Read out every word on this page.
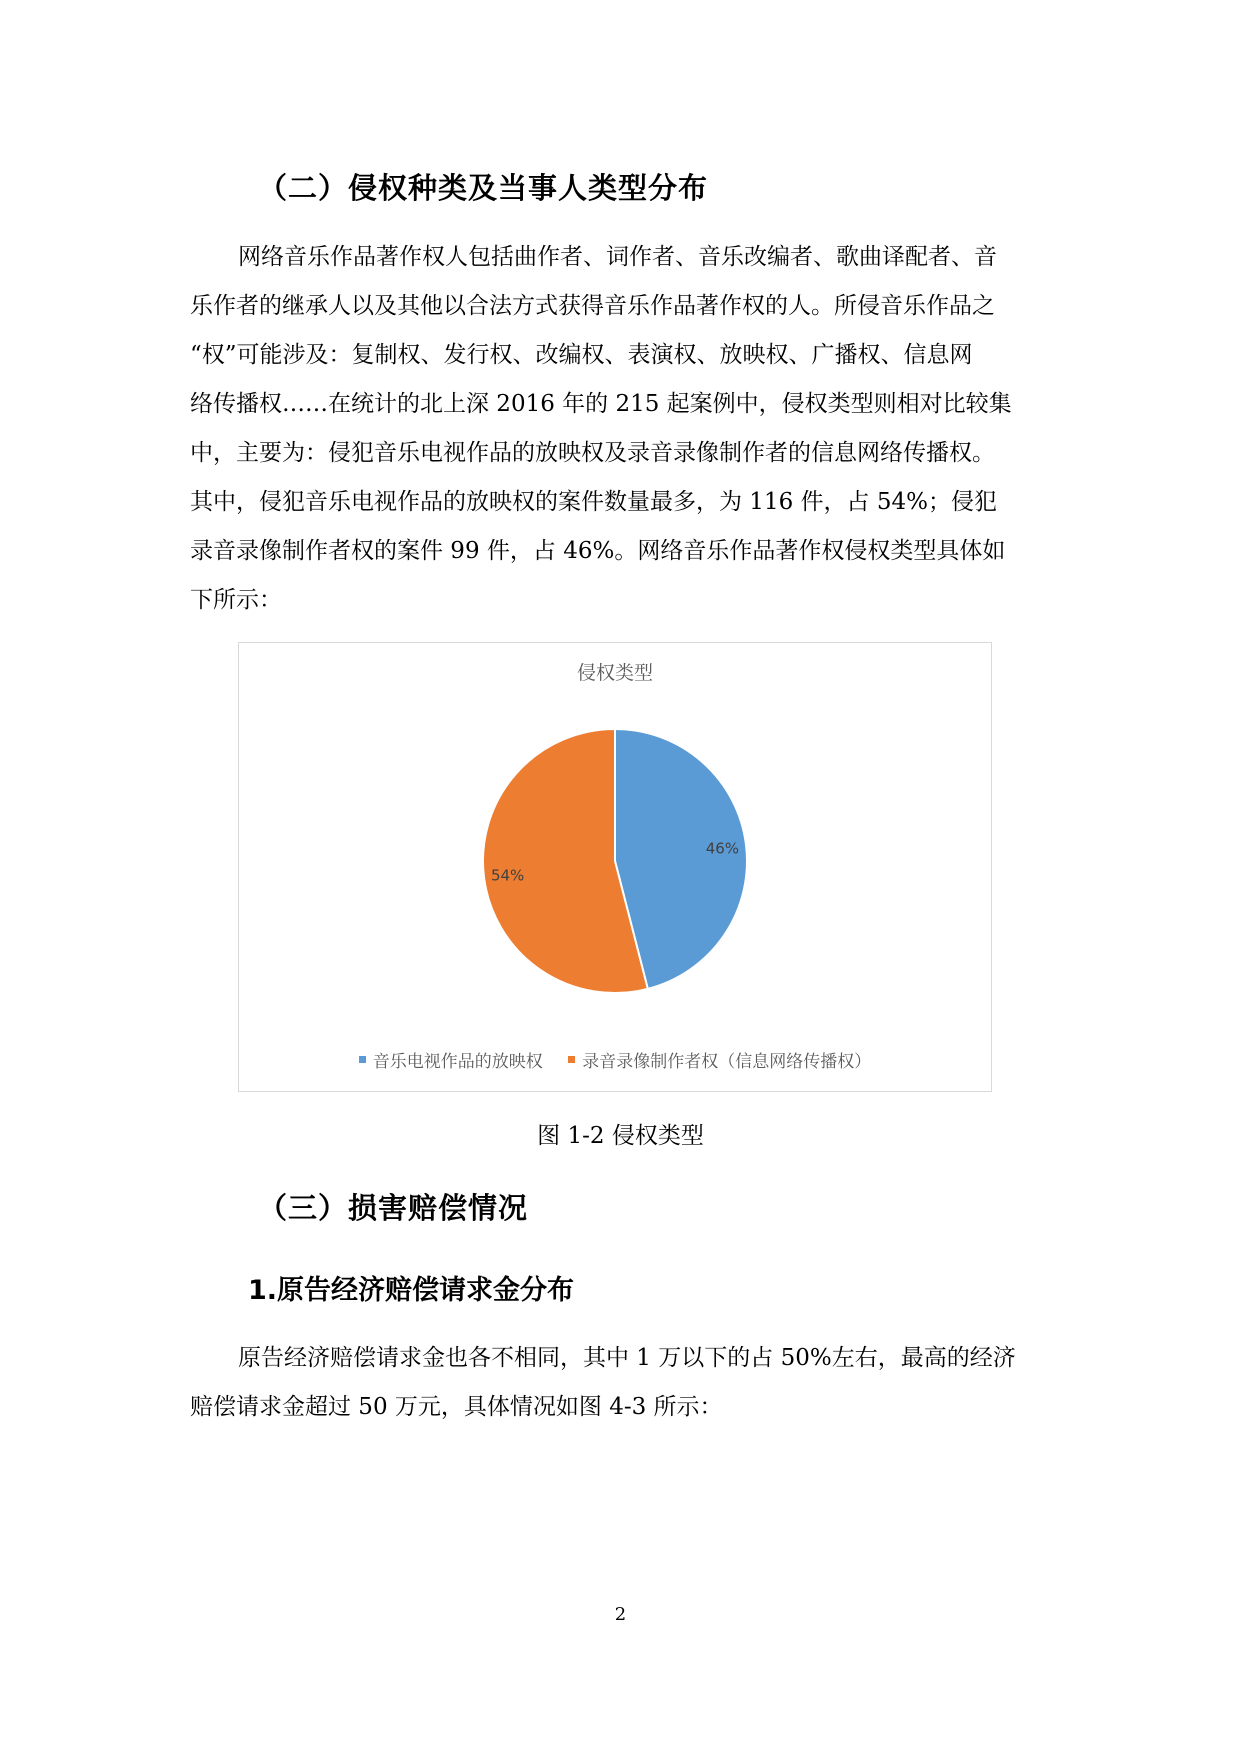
（二）侵权种类及当事人类型分布
网络音乐作品著作权人包括曲作者、词作者、音乐改编者、歌曲译配者、音
乐作者的继承人以及其他以合法方式获得音乐作品著作权的人。所侵音乐作品之
“权”可能涉及：复制权、发行权、改编权、表演权、放映权、广播权、信息网
络传播权……在统计的北上深 2016 年的 215 起案例中，侵权类型则相对比较集
中，主要为：侵犯音乐电视作品的放映权及录音录像制作者的信息网络传播权。
其中，侵犯音乐电视作品的放映权的案件数量最多，为 116 件，占 54%；侵犯
录音录像制作者权的案件 99 件，占 46%。网络音乐作品著作权侵权类型具体如
下所示：
侵权类型
46%
54%
音乐电视作品的放映权
录音录像制作者权（信息网络传播权）
图 1-2 侵权类型
（三）损害赔偿情况
1.原告经济赔偿请求金分布
原告经济赔偿请求金也各不相同，其中 1 万以下的占 50%左右，最高的经济
赔偿请求金超过 50 万元，具体情况如图 4-3 所示：
2
